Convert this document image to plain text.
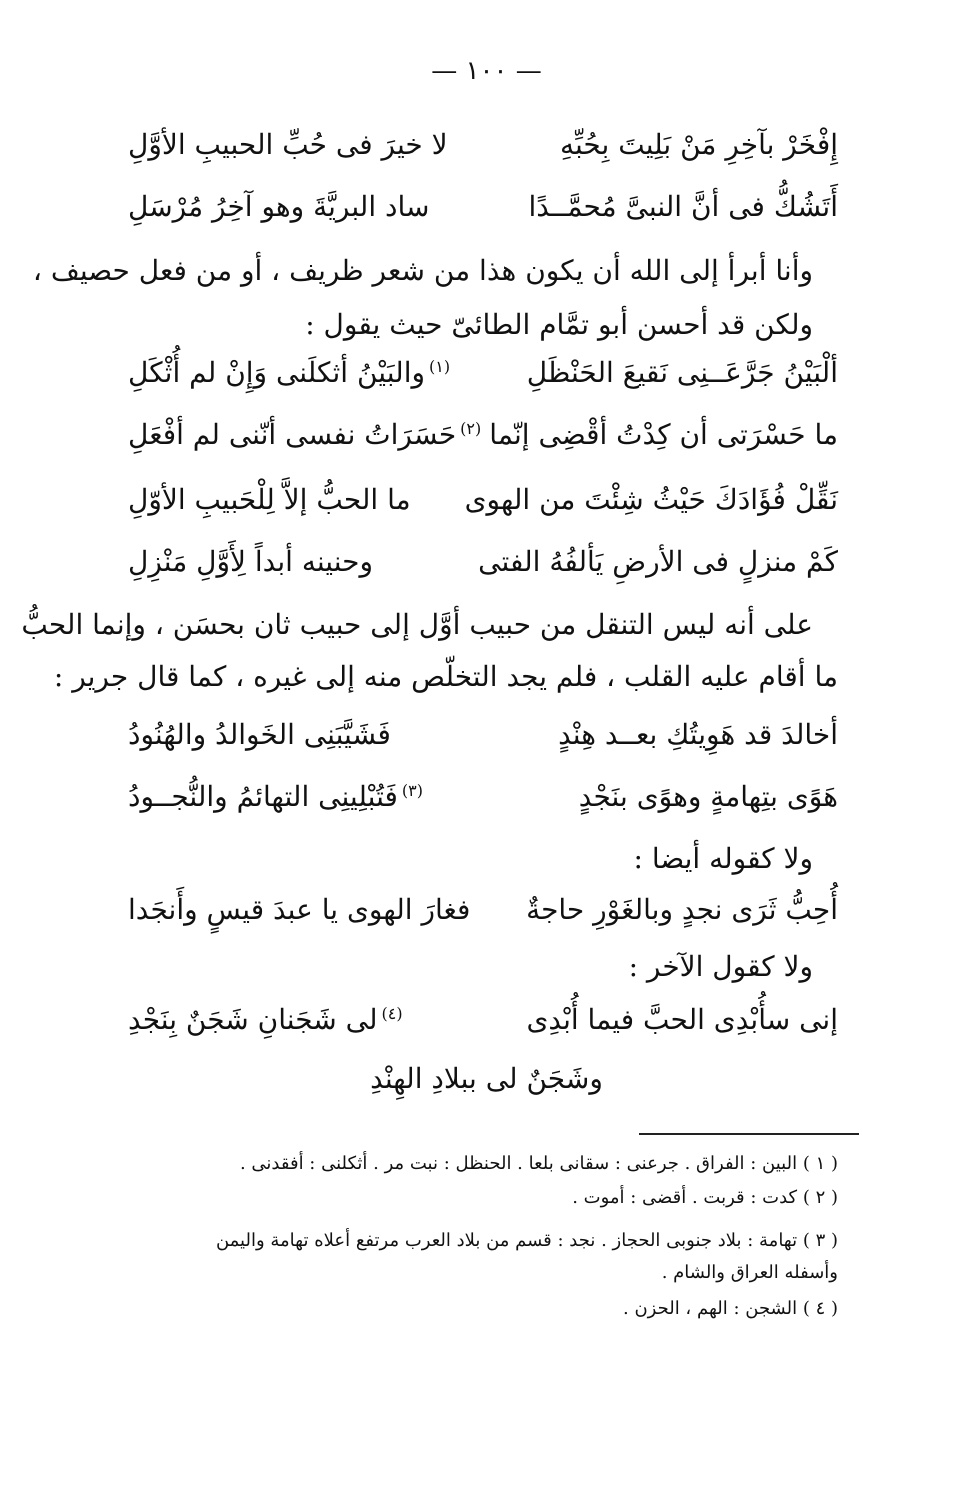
— ١٠٠ —
إِفْخَرْ بآخِرِ مَنْ بَلِيتَ بِحُبِّهِ
لا خيرَ فى حُبِّ الحبيبِ الأوَّلِ
أَتَشُكُّ فى أنَّ النبىَّ مُحمَّــدًا
ساد البريَّةَ وهو آخِرُ مُرْسَلِ
وأنا أبرأ إلى الله أن يكون هذا من شعر ظريف ، أو من فعل حصيف ،
ولكن قد أحسن أبو تمَّام الطائىّ حيث يقول :
ألْبَيْنُ جَرَّعَــنِى نَقيعَ الحَنْظَلِ
$^{(١)}$والبَيْنُ أثكلَنى وَإِنْ لم أُثْكَلِ
ما حَسْرَتى أن كِدْتُ أقْضِى إنّما
$^{(٢)}$حَسَرَاتُ نفسى أنّنى لم أفْعَلِ
نَقِّلْ فُؤَادَكَ حَيْثُ شِئْتَ من الهوى
ما الحبُّ إلاَّ لِلْحَبيبِ الأوّلِ
كَمْ منزلٍ فى الأرضِ يَألفُهُ الفتى
وحنينه أبداً لِأَوَّلِ مَنْزِلِ
على أنه ليس التنقل من حبيب أوَّل إلى حبيب ثان بحسَن ، وإنما الحبُّ
ما أقام عليه القلب ، فلم يجد التخلّص منه إلى غيره ، كما قال جرير :
أخالدَ قد هَوِيتُكِ بعــد هِنْدٍ
فَشَيَّبَنِى الخَوالدُ والهُنُودُ
هَوًى بتِهامةٍ وهوًى بنَجْدٍ
$^{(٣)}$فَتُبْلِينِى التهائمُ والنُّجــودُ
ولا كقوله أيضا :
أُحِبُّ ثَرَى نجدٍ وبالغَوْرِ حاجةٌ
فغارَ الهوى يا عبدَ قيسٍ وأَنجَدا
ولا كقول الآخر :
إنى سأُبْدِى الحبَّ فيما أُبْدِى
$^{(٤)}$لى شَجَنانِ شَجَنٌ بِنَجْدِ
وشَجَنٌ لى ببلادِ الهِنْدِ
( ١ ) البين : الفراق . جرعنى : سقانى بلعا . الحنظل : نبت مر . أثكلنى : أفقدنى .
( ٢ ) كدت : قربت . أقضى : أموت .
( ٣ ) تهامة : بلاد جنوبى الحجاز . نجد : قسم من بلاد العرب مرتفع أعلاه تهامة واليمن
وأسفله العراق والشام .
( ٤ ) الشجن : الهم ، الحزن .
